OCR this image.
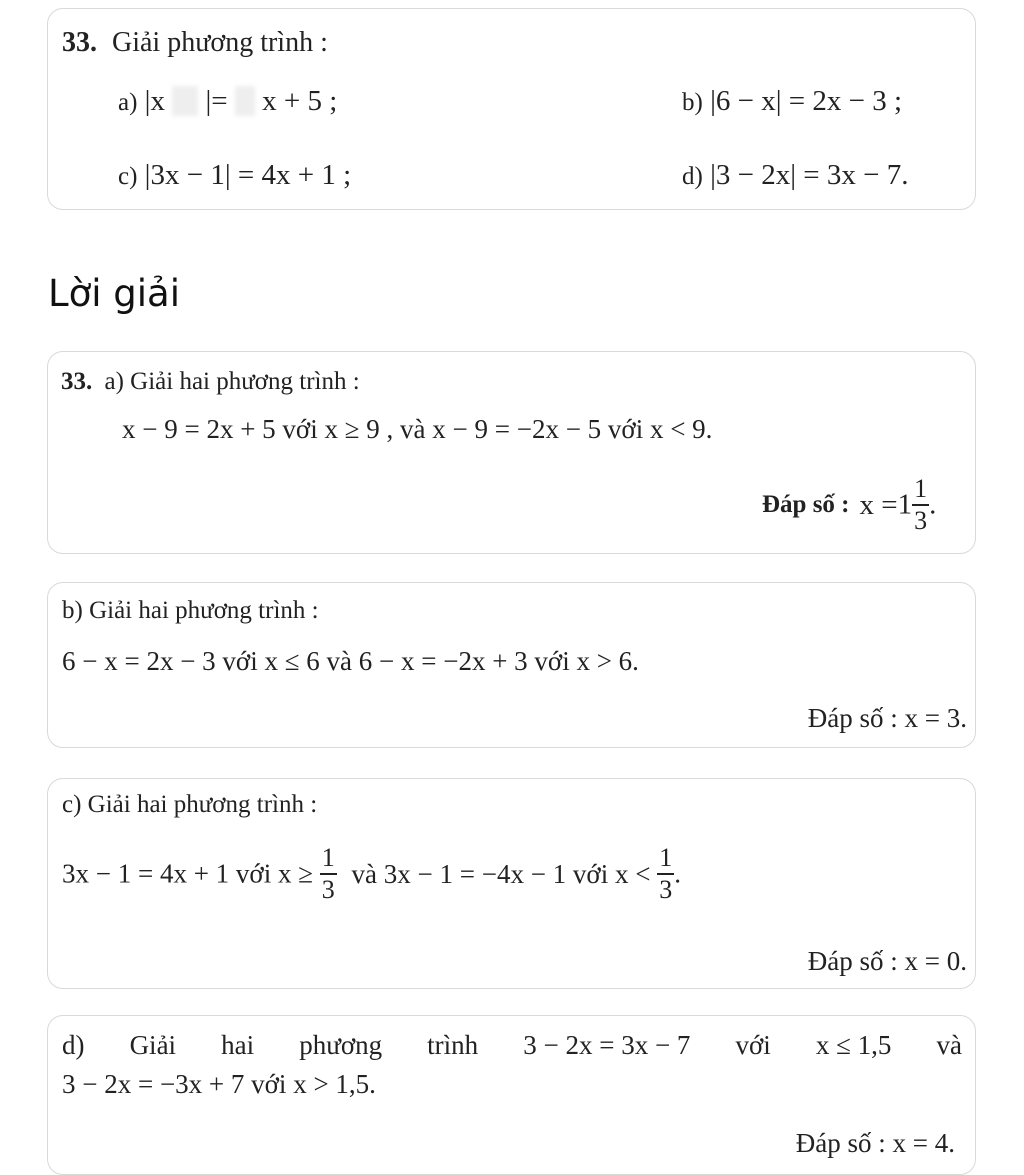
33. Giải phương trình :
a) |x |= x + 5 ;	b) |6 − x| = 2x − 3 ;
c) |3x − 1| = 4x + 1 ;	d) |3 − 2x| = 3x − 7.
Lời giải
33. a) Giải hai phương trình :
x − 9 = 2x + 5 với x ≥ 9 , và x − 9 = −2x − 5 với x < 9.
Đáp số : $x =1 \frac{1}{3}$ .
b) Giải hai phương trình :
6 − x = 2x − 3 với x ≤ 6 và 6 − x = −2x + 3 với x > 6.
Đáp số : x = 3.
c) Giải hai phương trình :
3x − 1 = 4x + 1 với $x \ge \frac{1}{3}$ và 3x − 1 = −4x − 1 với $x < \frac{1}{3}$ .
Đáp số : x = 0.
d) Giải hai phương trình 3 − 2x = 3x − 7 với x ≤ 1,5 và
3 − 2x = −3x + 7 với x > 1,5.
Đáp số : x = 4.
